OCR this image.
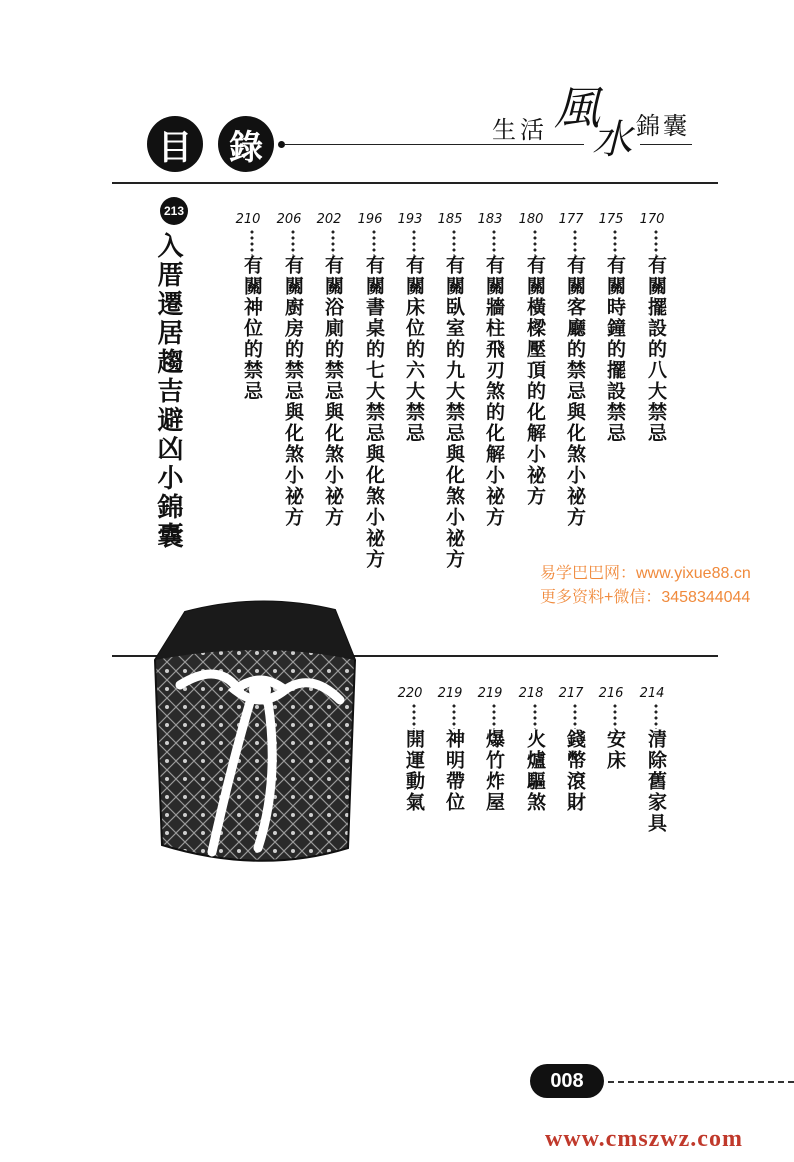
目 錄	生活 風
水 錦囊
213
入厝遷居趨吉避凶小錦囊
170
有關擺設的八大禁忌
175
有關時鐘的擺設禁忌
177
有關客廳的禁忌與化煞小祕方
180
有關橫樑壓頂的化解小祕方
183
有關牆柱飛刃煞的化解小祕方
185
有關臥室的九大禁忌與化煞小祕方
193
有關床位的六大禁忌
196
有關書桌的七大禁忌與化煞小祕方
202
有關浴廁的禁忌與化煞小祕方
206
有關廚房的禁忌與化煞小祕方
210
有關神位的禁忌
易学巴巴网：www.yixue88.cn
更多资料+微信：3458344044
214
清除舊家具
216
安床
217
錢幣滾財
218
火爐驅煞
219
爆竹炸屋
219
神明帶位
220
開運動氣
008
www.cmszwz.com
